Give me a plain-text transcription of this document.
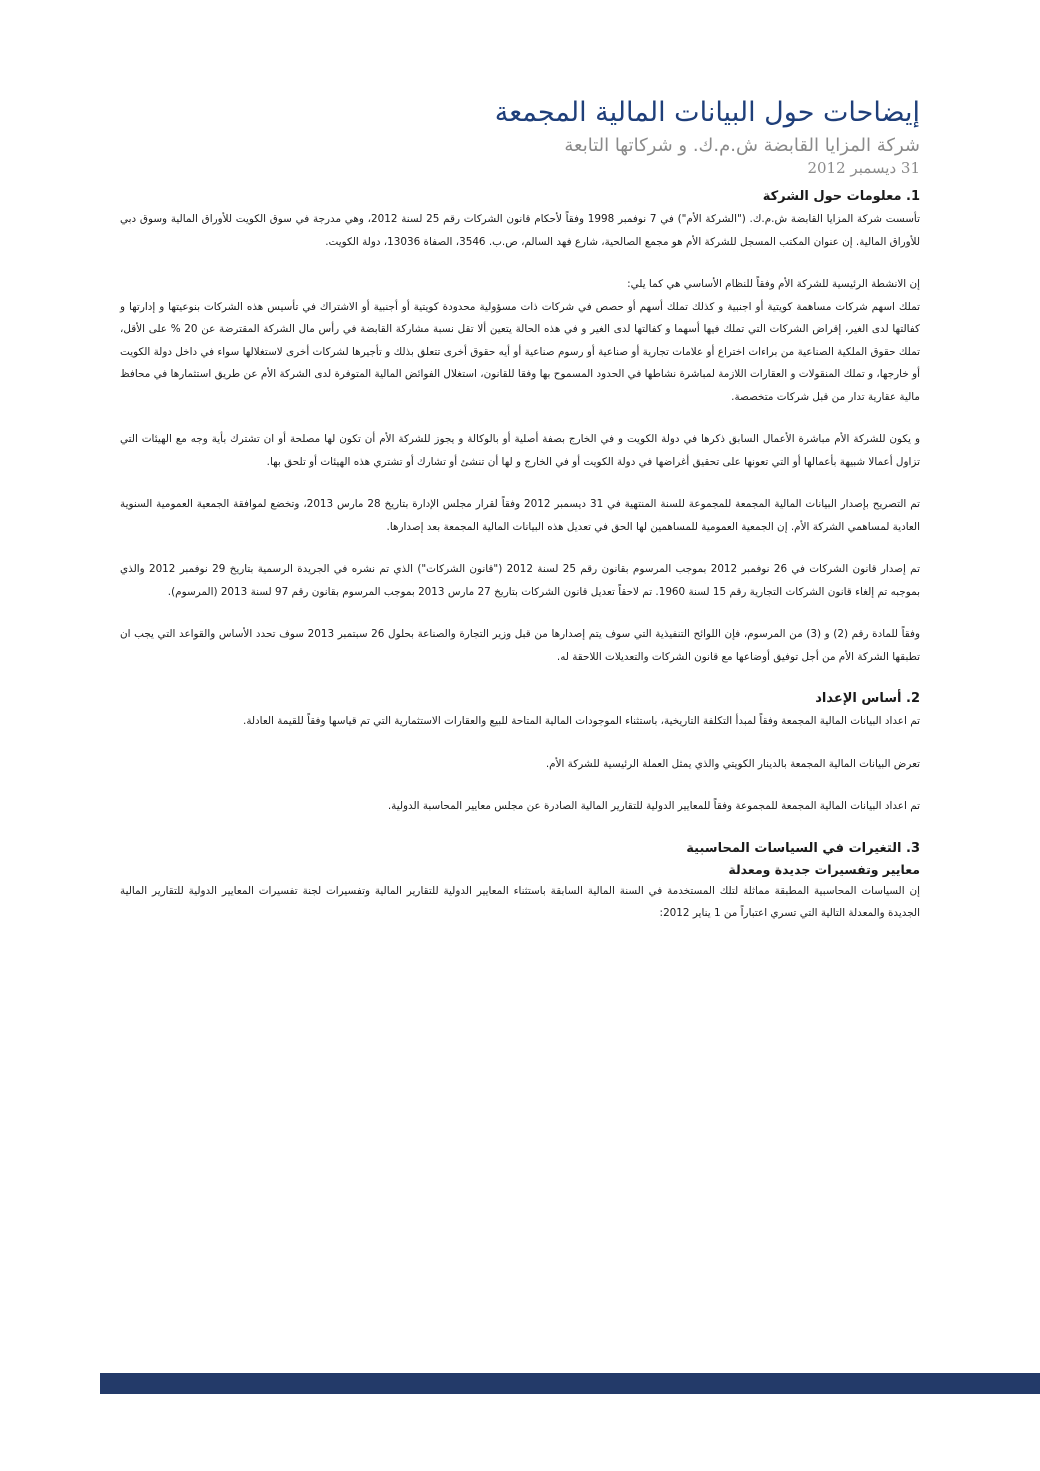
إيضاحات حول البيانات المالية المجمعة
شركة المزايا القابضة ش.م.ك. و شركاتها التابعة
31 ديسمبر 2012
1. معلومات حول الشركة

تأسست شركة المزايا القابضة ش.م.ك. ("الشركة الأم") في 7 نوفمبر 1998 وفقاً لأحكام قانون الشركات رقم 25 لسنة 2012، وهي مدرجة في سوق الكويت للأوراق المالية وسوق دبي للأوراق المالية. إن عنوان المكتب المسجل للشركة الأم هو مجمع الصالحية، شارع فهد السالم، ص.ب. 3546، الصفاة 13036، دولة الكويت.

إن الانشطة الرئيسية للشركة الأم وفقاً للنظام الأساسي هي كما يلي:

تملك اسهم شركات مساهمة كويتية أو اجنبية و كذلك تملك أسهم أو حصص في شركات ذات مسؤولية محدودة كويتية أو أجنبية أو الاشتراك في تأسيس هذه الشركات بنوعيتها و إدارتها و كفالتها لدى الغير، إقراض الشركات التي تملك فيها أسهما و كفالتها لدى الغير و في هذه الحالة يتعين ألا تقل نسبة مشاركة القابضة في رأس مال الشركة المقترضة عن 20 % على الأقل، تملك حقوق الملكية الصناعية من براءات اختراع أو علامات تجارية أو صناعية أو رسوم صناعية أو أيه حقوق أخرى تتعلق بذلك و تأجيرها لشركات أخرى لاستغلالها سواء في داخل دولة الكويت أو خارجها، و تملك المنقولات و العقارات اللازمة لمباشرة نشاطها في الحدود المسموح بها وفقا للقانون، استغلال الفوائض المالية المتوفرة لدى الشركة الأم عن طريق استثمارها في محافظ مالية عقارية تدار من قبل شركات متخصصة.

و يكون للشركة الأم مباشرة الأعمال السابق ذكرها في دولة الكويت و في الخارج بصفة أصلية أو بالوكالة و يجوز للشركة الأم أن تكون لها مصلحة أو ان تشترك بأية وجه مع الهيئات التي تزاول أعمالا شبيهة بأعمالها أو التي تعونها على تحقيق أغراضها في دولة الكويت أو في الخارج و لها أن تنشئ أو تشارك أو تشتري هذه الهيئات أو تلحق بها.

تم التصريح بإصدار البيانات المالية المجمعة للمجموعة للسنة المنتهية في 31 ديسمبر 2012 وفقاً لقرار مجلس الإدارة بتاريخ 28 مارس 2013، وتخضع لموافقة الجمعية العمومية السنوية العادية لمساهمي الشركة الأم. إن الجمعية العمومية للمساهمين لها الحق في تعديل هذه البيانات المالية المجمعة بعد إصدارها.

تم إصدار قانون الشركات في 26 نوفمبر 2012 بموجب المرسوم بقانون رقم 25 لسنة 2012 ("قانون الشركات") الذي تم نشره في الجريدة الرسمية بتاريخ 29 نوفمبر 2012 والذي بموجبه تم إلغاء قانون الشركات التجارية رقم 15 لسنة 1960. تم لاحقاً تعديل قانون الشركات بتاريخ 27 مارس 2013 بموجب المرسوم بقانون رقم 97 لسنة 2013 (المرسوم).

وفقاً للمادة رقم (2) و (3) من المرسوم، فإن اللوائح التنفيذية التي سوف يتم إصدارها من قبل وزير التجارة والصناعة بحلول 26 سبتمبر 2013 سوف تحدد الأساس والقواعد التي يجب ان تطبقها الشركة الأم من أجل توفيق أوضاعها مع قانون الشركات والتعديلات اللاحقة له.

2. أساس الإعداد

تم اعداد البيانات المالية المجمعة وفقاً لمبدأ التكلفة التاريخية، باستثناء الموجودات المالية المتاحة للبيع والعقارات الاستثمارية التي تم قياسها وفقاً للقيمة العادلة.

تعرض البيانات المالية المجمعة بالدينار الكويتي والذي يمثل العملة الرئيسية للشركة الأم.

تم اعداد البيانات المالية المجمعة للمجموعة وفقاً للمعايير الدولية للتقارير المالية الصادرة عن مجلس معايير المحاسبة الدولية.

3. التغيرات في السياسات المحاسبية
معايير وتفسيرات جديدة ومعدلة

إن السياسات المحاسبية المطبقة مماثلة لتلك المستخدمة في السنة المالية السابقة باستثناء المعايير الدولية للتقارير المالية وتفسيرات لجنة تفسيرات المعايير الدولية للتقارير المالية الجديدة والمعدلة التالية التي تسري اعتباراً من 1 يناير 2012:
